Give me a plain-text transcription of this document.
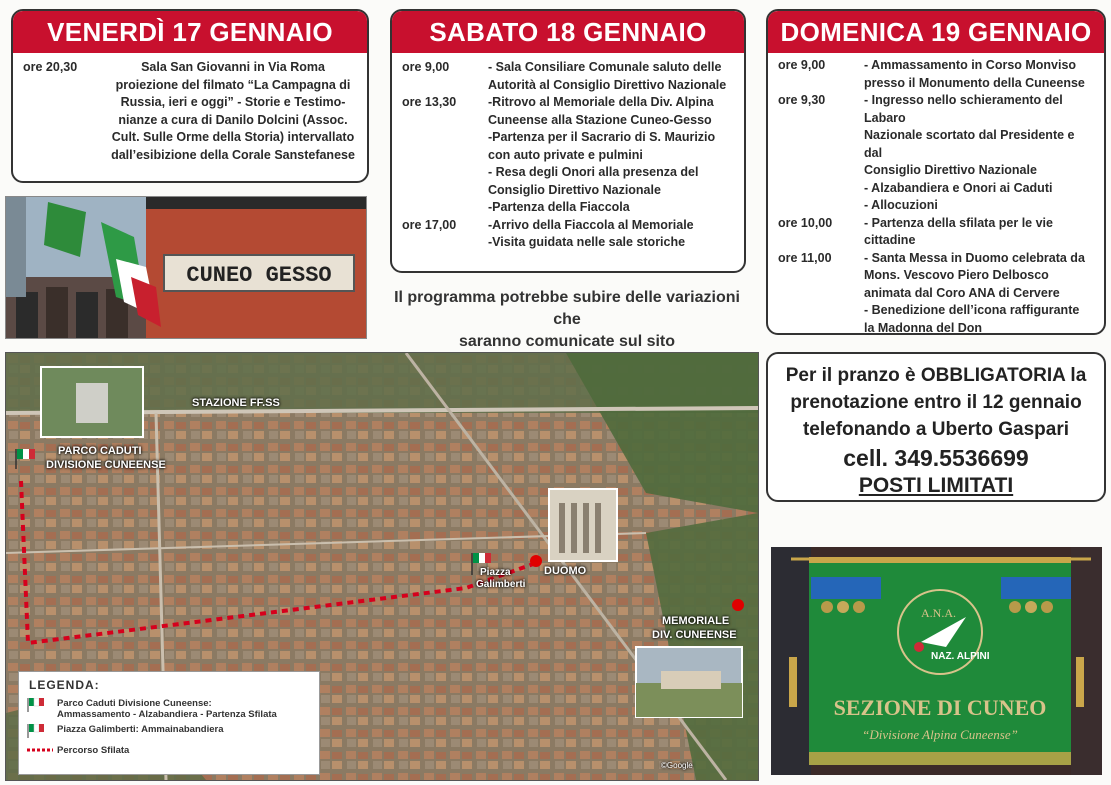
VENERDÌ 17 GENNAIO
ore 20,30	Sala San Giovanni in Via Roma
proiezione del filmato “La Campagna di
Russia, ieri e oggi” - Storie e Testimo-
nianze a cura di Danilo Dolcini (Assoc.
Cult. Sulle Orme della Storia) intervallato
dall’esibizione della Corale Sanstefanese
SABATO 18 GENNAIO
ore 9,00	- Sala Consiliare Comunale saluto delle
Autorità al Consiglio Direttivo Nazionale
ore 13,30	-Ritrovo al Memoriale della Div. Alpina
Cuneense alla Stazione Cuneo-Gesso
-Partenza per il Sacrario di S. Maurizio
con auto private e pulmini
- Resa degli Onori alla presenza del
Consiglio Direttivo Nazionale
-Partenza della Fiaccola
ore 17,00	-Arrivo della Fiaccola al Memoriale
-Visita guidata nelle sale storiche
DOMENICA 19 GENNAIO
ore 9,00	- Ammassamento in Corso Monviso
presso il Monumento della Cuneense
ore 9,30	- Ingresso nello schieramento del Labaro
Nazionale scortato dal Presidente e dal
Consiglio Direttivo Nazionale
- Alzabandiera e Onori ai Caduti
- Allocuzioni
ore 10,00	- Partenza della sfilata per le vie cittadine
ore 11,00	- Santa Messa in Duomo celebrata da
Mons. Vescovo Piero Delbosco
animata dal Coro ANA di Cervere
- Benedizione dell’icona raffigurante
la Madonna del Don
CUNEO GESSO
Il programma potrebbe subire delle variazioni che
saranno comunicate sul sito
Per il pranzo è OBBLIGATORIA la
prenotazione entro il 12 gennaio
telefonando a Uberto Gaspari
cell. 349.5536699
POSTI LIMITATI
STAZIONE FF.SS
PARCO CADUTI
DIVISIONE CUNEENSE
Piazza
Galimberti
DUOMO
MEMORIALE
DIV. CUNEENSE
©Google
LEGENDA:
Parco Caduti Divisione Cuneense:
Ammassamento - Alzabandiera - Partenza Sfilata
Piazza Galimberti: Ammainabandiera
Percorso Sfilata
A.N.A.
NAZ. ALPINI
SEZIONE DI CUNEO
“Divisione Alpina Cuneense”
